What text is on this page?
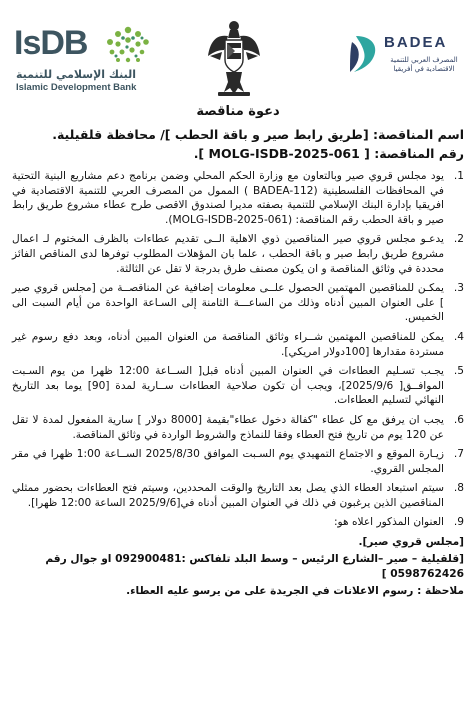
IsDB
البنك الإسلامي للتنمية
Islamic Development Bank
BADEA
المصرف العربي للتنمية الاقتصادية في أفريقيا
دعوة مناقصة

اسم المناقصة: [طريق رابط صير و باقة الحطب ]/ محافظة قلقيلية.

رقم المناقصة: [ MOLG-ISDB-2025-061 ].

1.
يود مجلس قروي صير وبالتعاون مع وزارة الحكم المحلي وضمن برنامج دعم مشاريع البنية التحتية في المحافظات الفلسطينية (BADEA-112 ) الممول من المصرف العربي للتنمية الاقتصادية في افريقيا بإدارة البنك الإسلامي للتنمية بصفته مديرا لصندوق الاقصى طرح عطاء مشروع طريق رابط صير و باقة الحطب رقم المناقصة: (MOLG-ISDB-2025-061).
2.
يدعـو مجلس قروي صير المناقصين ذوي الاهلية الــى تقديم عطاءات بالظرف المختوم لـ اعمال مشروع طريق رابط صير و باقة الحطب ، علما بان المؤهلات المطلوب توفرها لدى المناقص الفائز محددة في وثائق المناقصة و ان يكون مصنف طرق بدرجة لا تقل عن الثالثة.
3.
يمكـن للمناقصين المهتمين الحصول علــى معلومات إضافية عن المناقصــة من [مجلس قروي صير ] على العنوان المبين أدناه وذلك من الساعـــة الثامنة إلى السـاعة الواحدة من أيام السبت الى الخميس.
4.
يمكن للمناقصين المهتمين شــراء وثائق المناقصة من العنوان المبين أدناه، وبعد دفع رسوم غير مستردة مقدارها [100دولار امريكي].
5.
يجـب تسـليم العطاءات في العنوان المبين أدناه قبل[ الســاعة 12:00 ظهرا من يوم السـبت الموافــق[ 2025/9/6]، ويجب أن تكون صلاحية العطاءات ســارية لمدة [90] يوما بعد التاريخ النهائي لتسليم العطاءات.
6.
يجب ان يرفق مع كل عطاء "كفالة دخول عطاء"بقيمة [8000 دولار ] سارية المفعول لمدة لا تقل عن 120 يوم من تاريخ فتح العطاء وفقا للنماذج والشروط الواردة في وثائق المناقصة.
7.
زيـارة الموقع و الاجتماع التمهيدي يوم السـبت الموافق 2025/8/30 الســاعة 1:00 ظهرا في مقر المجلس القروي.
8.
سيتم استبعاد العطاء الذي يصل بعد التاريخ والوقت المحددين، وسيتم فتح العطاءات بحضور ممثلي المناقصين الذين يرغبون في ذلك في العنوان المبين أدناه في[2025/9/6 الساعة 12:00 ظهرا].
9.
العنوان المذكور اعلاه هو:

[مجلس قروي صير].

[قلقيلية – صير –الشارع الرئيس – وسط البلد تلفاكس :092900481 او جوال رقم 0598762426 ]

ملاحظة : رسوم الاعلانات في الجريدة على من يرسو عليه العطاء.
